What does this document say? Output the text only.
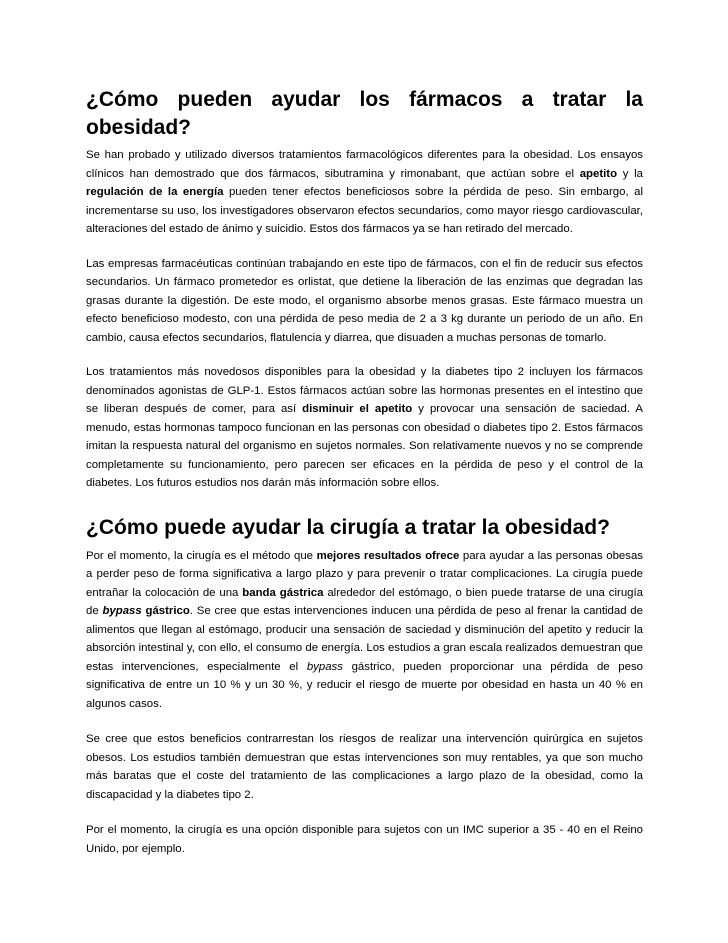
¿Cómo pueden ayudar los fármacos a tratar la
obesidad?

Se han probado y utilizado diversos tratamientos farmacológicos diferentes para la obesidad. Los ensayos clínicos han demostrado que dos fármacos, sibutramina y rimonabant, que actúan sobre el apetito y la regulación de la energía pueden tener efectos beneficiosos sobre la pérdida de peso. Sin embargo, al incrementarse su uso, los investigadores observaron efectos secundarios, como mayor riesgo cardiovascular, alteraciones del estado de ánimo y suicidio. Estos dos fármacos ya se han retirado del mercado.

Las empresas farmacéuticas continúan trabajando en este tipo de fármacos, con el fin de reducir sus efectos secundarios. Un fármaco prometedor es orlistat, que detiene la liberación de las enzimas que degradan las grasas durante la digestión. De este modo, el organismo absorbe menos grasas. Este fármaco muestra un efecto beneficioso modesto, con una pérdida de peso media de 2 a 3 kg durante un periodo de un año. En cambio, causa efectos secundarios, flatulencia y diarrea, que disuaden a muchas personas de tomarlo.

Los tratamientos más novedosos disponibles para la obesidad y la diabetes tipo 2 incluyen los fármacos denominados agonistas de GLP-1. Estos fármacos actúan sobre las hormonas presentes en el intestino que se liberan después de comer, para así disminuir el apetito y provocar una sensación de saciedad. A menudo, estas hormonas tampoco funcionan en las personas con obesidad o diabetes tipo 2. Estos fármacos imitan la respuesta natural del organismo en sujetos normales. Son relativamente nuevos y no se comprende completamente su funcionamiento, pero parecen ser eficaces en la pérdida de peso y el control de la diabetes. Los futuros estudios nos darán más información sobre ellos.

¿Cómo puede ayudar la cirugía a tratar la obesidad?

Por el momento, la cirugía es el método que mejores resultados ofrece para ayudar a las personas obesas a perder peso de forma significativa a largo plazo y para prevenir o tratar complicaciones. La cirugía puede entrañar la colocación de una banda gástrica alrededor del estómago, o bien puede tratarse de una cirugía de bypass gástrico. Se cree que estas intervenciones inducen una pérdida de peso al frenar la cantidad de alimentos que llegan al estómago, producir una sensación de saciedad y disminución del apetito y reducir la absorción intestinal y, con ello, el consumo de energía. Los estudios a gran escala realizados demuestran que estas intervenciones, especialmente el bypass gástrico, pueden proporcionar una pérdida de peso significativa de entre un 10 % y un 30 %, y reducir el riesgo de muerte por obesidad en hasta un 40 % en algunos casos.

Se cree que estos beneficios contrarrestan los riesgos de realizar una intervención quirúrgica en sujetos obesos. Los estudios también demuestran que estas intervenciones son muy rentables, ya que son mucho más baratas que el coste del tratamiento de las complicaciones a largo plazo de la obesidad, como la discapacidad y la diabetes tipo 2.

Por el momento, la cirugía es una opción disponible para sujetos con un IMC superior a 35 - 40 en el Reino Unido, por ejemplo.
